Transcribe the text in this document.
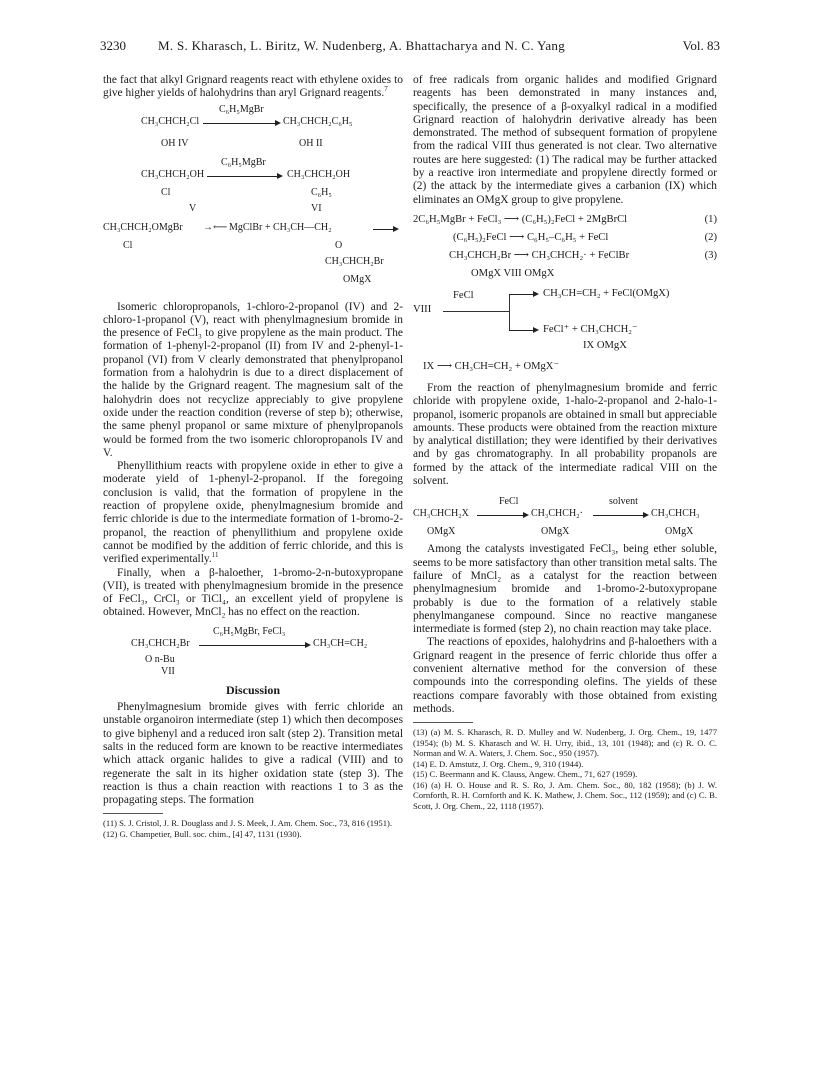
3230 M. S. Kharasch, L. Biritz, W. Nudenberg, A. Bhattacharya and N. C. Yang	Vol. 83

the fact that alkyl Grignard reagents react with ethylene oxides to give higher yields of halohydrins than aryl Grignard reagents.$^7$

C₆H₅MgBr
CH₃CHCH₂Cl	CH₃CHCH₂C₆H₅
OH IV	OH II
C₆H₅MgBr
CH₃CHCH₂OH	CH₃CHCH₂OH
Cl
V
C₆H₅
VI
CH₃CHCH₂OMgBr →⟵ MgClBr + CH₃CH—CH₂
Cl	O
CH₃CHCH₂Br
OMgX

Isomeric chloropropanols, 1-chloro-2-propanol (IV) and 2-chloro-1-propanol (V), react with phenylmagnesium bromide in the presence of FeCl₃ to give propylene as the main product. The formation of 1-phenyl-2-propanol (II) from IV and 2-phenyl-1-propanol (VI) from V clearly demonstrated that phenylpropanol formation from a halohydrin is due to a direct displacement of the halide by the Grignard reagent. The magnesium salt of the halohydrin does not recyclize appreciably to give propylene oxide under the reaction condition (reverse of step b); otherwise, the same phenyl propanol or same mixture of phenylpropanols would be formed from the two isomeric chloropropanols IV and V.

Phenyllithium reacts with propylene oxide in ether to give a moderate yield of 1-phenyl-2-propanol. If the foregoing conclusion is valid, that the formation of propylene in the reaction of propylene oxide, phenylmagnesium bromide and ferric chloride is due to the intermediate formation of 1-bromo-2-propanol, the reaction of phenyllithium and propylene oxide cannot be modified by the addition of ferric chloride, and this is verified experimentally.$^{11}$

Finally, when a β-haloether, 1-bromo-2-n-butoxypropane (VII), is treated with phenylmagnesium bromide in the presence of FeCl₃, CrCl₃ or TiCl₄, an excellent yield of propylene is obtained. However, MnCl₂ has no effect on the reaction.

C₆H₅MgBr, FeCl₃
CH₃CHCH₂Br	CH₃CH=CH₂
O n-Bu
VII
Discussion

Phenylmagnesium bromide gives with ferric chloride an unstable organoiron intermediate (step 1) which then decomposes to give biphenyl and a reduced iron salt (step 2). Transition metal salts in the reduced form are known to be reactive intermediates which attack organic halides to give a radical (VIII) and to regenerate the salt in its higher oxidation state (step 3). The reaction is thus a chain reaction with reactions 1 to 3 as the propagating steps. The formation

(11) S. J. Cristol, J. R. Douglass and J. S. Meek, J. Am. Chem. Soc., 73, 816 (1951).

(12) G. Champetier, Bull. soc. chim., [4] 47, 1131 (1930).

of free radicals from organic halides and modified Grignard reagents has been demonstrated in many instances and, specifically, the presence of a β-oxyalkyl radical in a modified Grignard reaction of halohydrin derivative already has been demonstrated. The method of subsequent formation of propylene from the radical VIII thus generated is not clear. Two alternative routes are here suggested: (1) The radical may be further attacked by a reactive iron intermediate and propylene directly formed or (2) the attack by the intermediate gives a carbanion (IX) which eliminates an OMgX group to give propylene.

2C₆H₅MgBr + FeCl₃ ⟶ (C₆H₅)₂FeCl + 2MgBrCl	(1)
(C₆H₅)₂FeCl ⟶ C₆H₅–C₆H₅ + FeCl	(2)
CH₃CHCH₂Br ⟶ CH₃CHCH₂· + FeClBr	(3)
OMgX VIII OMgX
FeCl
VIII
CH₃CH=CH₂ + FeCl(OMgX)
FeCl⁺ + CH₃CHCH₂⁻
IX OMgX
IX ⟶ CH₃CH=CH₂ + OMgX⁻

From the reaction of phenylmagnesium bromide and ferric chloride with propylene oxide, 1-halo-2-propanol and 2-halo-1-propanol, isomeric propanols are obtained in small but appreciable amounts. These products were obtained from the reaction mixture by analytical distillation; they were identified by their derivatives and by gas chromatography. In all probability propanols are formed by the attack of the intermediate radical VIII on the solvent.

CH₃CHCH₂X
FeCl
CH₃CHCH₂·
solvent
CH₃CHCH₃
OMgX	OMgX	OMgX

Among the catalysts investigated FeCl₃, being ether soluble, seems to be more satisfactory than other transition metal salts. The failure of MnCl₂ as a catalyst for the reaction between phenylmagnesium bromide and 1-bromo-2-butoxypropane probably is due to the formation of a relatively stable phenylmanganese compound. Since no reactive manganese intermediate is formed (step 2), no chain reaction may take place.

The reactions of epoxides, halohydrins and β-haloethers with a Grignard reagent in the presence of ferric chloride thus offer a convenient alternative method for the conversion of these compounds into the corresponding olefins. The yields of these reactions compare favorably with those obtained from existing methods.

(13) (a) M. S. Kharasch, R. D. Mulley and W. Nudenberg, J. Org. Chem., 19, 1477 (1954); (b) M. S. Kharasch and W. H. Urry, ibid., 13, 101 (1948); and (c) R. O. C. Norman and W. A. Waters, J. Chem. Soc., 950 (1957).

(14) E. D. Amstutz, J. Org. Chem., 9, 310 (1944).

(15) C. Beermann and K. Clauss, Angew. Chem., 71, 627 (1959).

(16) (a) H. O. House and R. S. Ro, J. Am. Chem. Soc., 80, 182 (1958); (b) J. W. Cornforth, R. H. Cornforth and K. K. Mathew, J. Chem. Soc., 112 (1959); and (c) C. B. Scott, J. Org. Chem., 22, 1118 (1957).
